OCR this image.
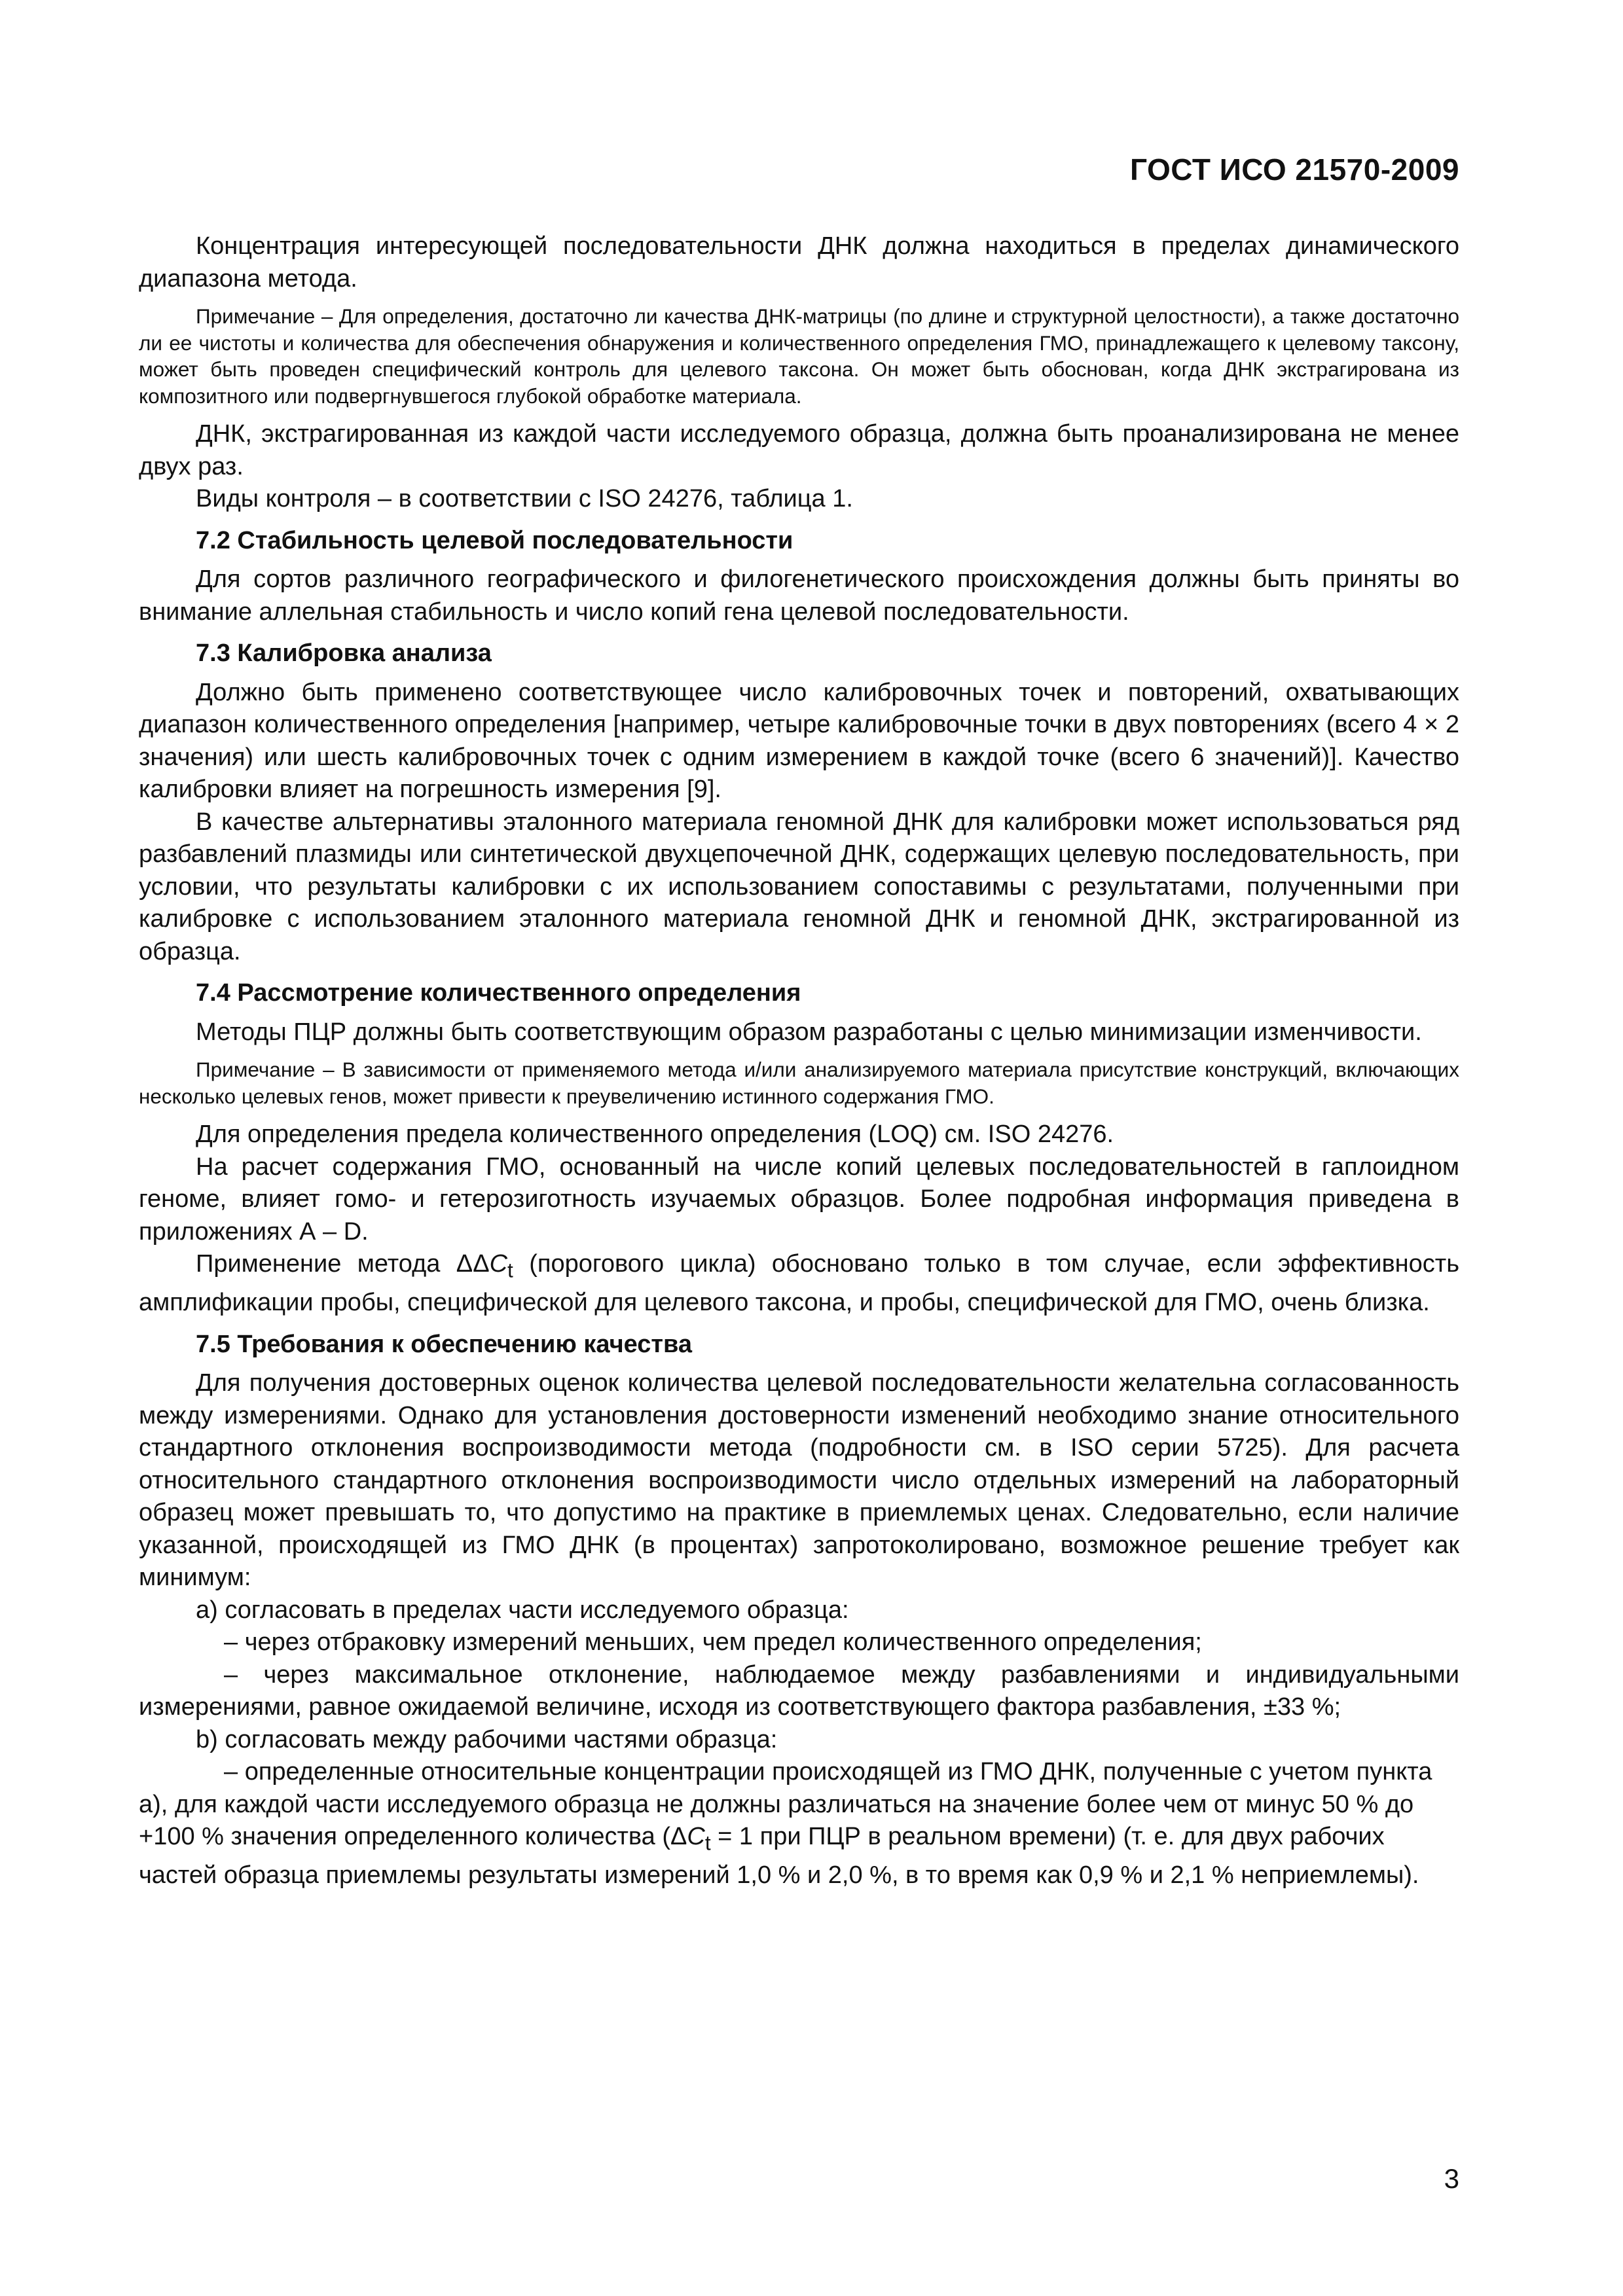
ГОСТ ИСО 21570-2009

Концентрация интересующей последовательности ДНК должна находиться в пределах динамического диапазона метода.

Примечание – Для определения, достаточно ли качества ДНК-матрицы (по длине и структурной целостности), а также достаточно ли ее чистоты и количества для обеспечения обнаружения и количественного определения ГМО, принадлежащего к целевому таксону, может быть проведен специфический контроль для целевого таксона. Он может быть обоснован, когда ДНК экстрагирована из композитного или подвергнувшегося глубокой обработке материала.

ДНК, экстрагированная из каждой части исследуемого образца, должна быть проанализирована не менее двух раз.

Виды контроля – в соответствии с ISO 24276, таблица 1.

7.2 Стабильность целевой последовательности

Для сортов различного географического и филогенетического происхождения должны быть приняты во внимание аллельная стабильность и число копий гена целевой последовательности.

7.3 Калибровка анализа

Должно быть применено соответствующее число калибровочных точек и повторений, охватывающих диапазон количественного определения [например, четыре калибровочные точки в двух повторениях (всего 4 × 2 значения) или шесть калибровочных точек с одним измерением в каждой точке (всего 6 значений)]. Качество калибровки влияет на погрешность измерения [9].

В качестве альтернативы эталонного материала геномной ДНК для калибровки может использоваться ряд разбавлений плазмиды или синтетической двухцепочечной ДНК, содержащих целевую последовательность, при условии, что результаты калибровки с их использованием сопоставимы с результатами, полученными при калибровке с использованием эталонного материала геномной ДНК и геномной ДНК, экстрагированной из образца.

7.4 Рассмотрение количественного определения

Методы ПЦР должны быть соответствующим образом разработаны с целью минимизации изменчивости.

Примечание – В зависимости от применяемого метода и/или анализируемого материала присутствие конструкций, включающих несколько целевых генов, может привести к преувеличению истинного содержания ГМО.

Для определения предела количественного определения (LOQ) см. ISO 24276.

На расчет содержания ГМО, основанный на числе копий целевых последовательностей в гаплоидном геноме, влияет гомо- и гетерозиготность изучаемых образцов. Более подробная информация приведена в приложениях А – D.

Применение метода $\Delta\Delta C_t$ (порогового цикла) обосновано только в том случае, если эффективность амплификации пробы, специфической для целевого таксона, и пробы, специфической для ГМО, очень близка.

7.5 Требования к обеспечению качества

Для получения достоверных оценок количества целевой последовательности желательна согласованность между измерениями. Однако для установления достоверности изменений необходимо знание относительного стандартного отклонения воспроизводимости метода (подробности см. в ISO серии 5725). Для расчета относительного стандартного отклонения воспроизводимости число отдельных измерений на лабораторный образец может превышать то, что допустимо на практике в приемлемых ценах. Следовательно, если наличие указанной, происходящей из ГМО ДНК (в процентах) запротоколировано, возможное решение требует как минимум:

а) согласовать в пределах части исследуемого образца:

– через отбраковку измерений меньших, чем предел количественного определения;

– через максимальное отклонение, наблюдаемое между разбавлениями и индивидуальными измерениями, равное ожидаемой величине, исходя из соответствующего фактора разбавления, ±33 %;

b) согласовать между рабочими частями образца:

– определенные относительные концентрации происходящей из ГМО ДНК, полученные с учетом пункта а), для каждой части исследуемого образца не должны различаться на значение более чем от минус 50 % до +100 % значения определенного количества ($\Delta C_t = 1$ при ПЦР в реальном времени) (т. е. для двух рабочих частей образца приемлемы результаты измерений 1,0 % и 2,0 %, в то время как 0,9 % и 2,1 % неприемлемы).

3
